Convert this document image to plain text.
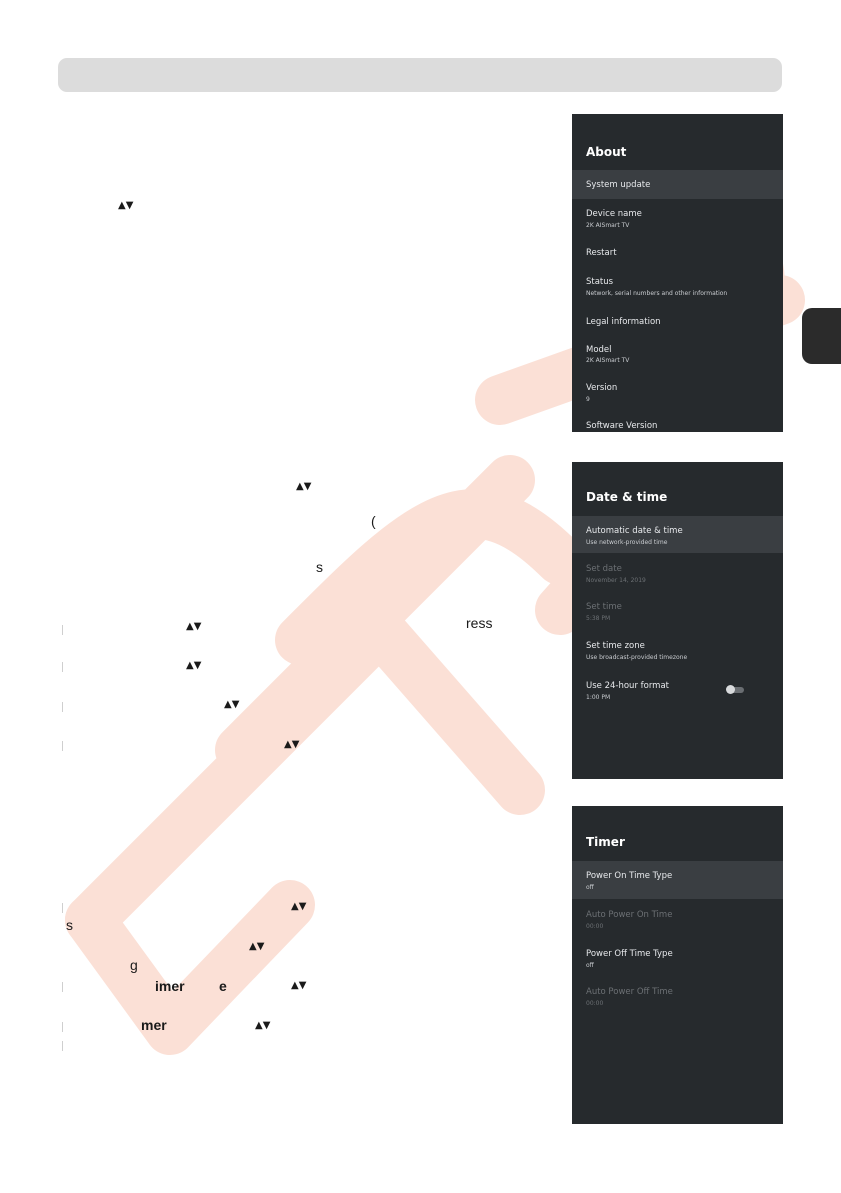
▲▼
▲▼
▲▼
▲▼
▲▼
▲▼
▲▼
▲▼
▲▼
▲▼
ress
s
(
s
mer
e
imer
g
About
System update
Device name
2K AISmart TV
Restart
Status
Network, serial numbers and other information
Legal information
Model
2K AISmart TV
Version
9
Software Version
Date & time
Automatic date & time
Use network-provided time
Set date
November 14, 2019
Set time
5:38 PM
Set time zone
Use broadcast-provided timezone
Use 24-hour format
1:00 PM
Timer
Power On Time Type
off
Auto Power On Time
00:00
Power Off Time Type
off
Auto Power Off Time
00:00
